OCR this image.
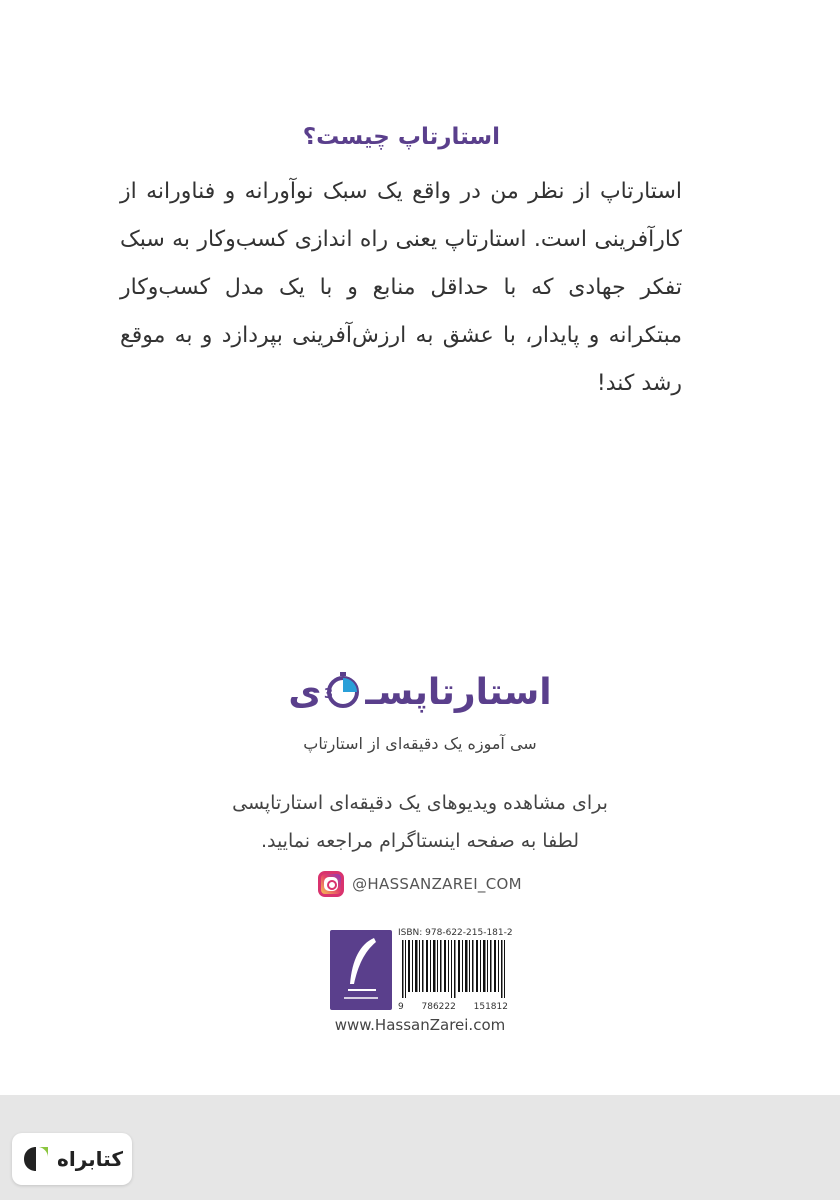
استارتاپ چیست؟
استارتاپ از نظر من در واقع یک سبک نوآورانه و فناورانه از کارآفرینی است. استارتاپ یعنی راه اندازی کسب‌وکار به سبک تفکر جهادی که با حداقل منابع و با یک مدل کسب‌وکار مبتکرانه و پایدار، با عشق به ارزش‌آفرینی بپردازد و به موقع رشد کند!
استارتاپسـ
3
ی
سی آموزه یک دقیقه‌ای از استارتاپ
برای مشاهده ویدیوهای یک دقیقه‌ای استارتاپسی
لطفا به صفحه اینستاگرام مراجعه نمایید.
@HASSANZAREI_COM
ISBN: 978-622-215-181-2
9 786222 151812
www.HassanZarei.com
کتابراه
